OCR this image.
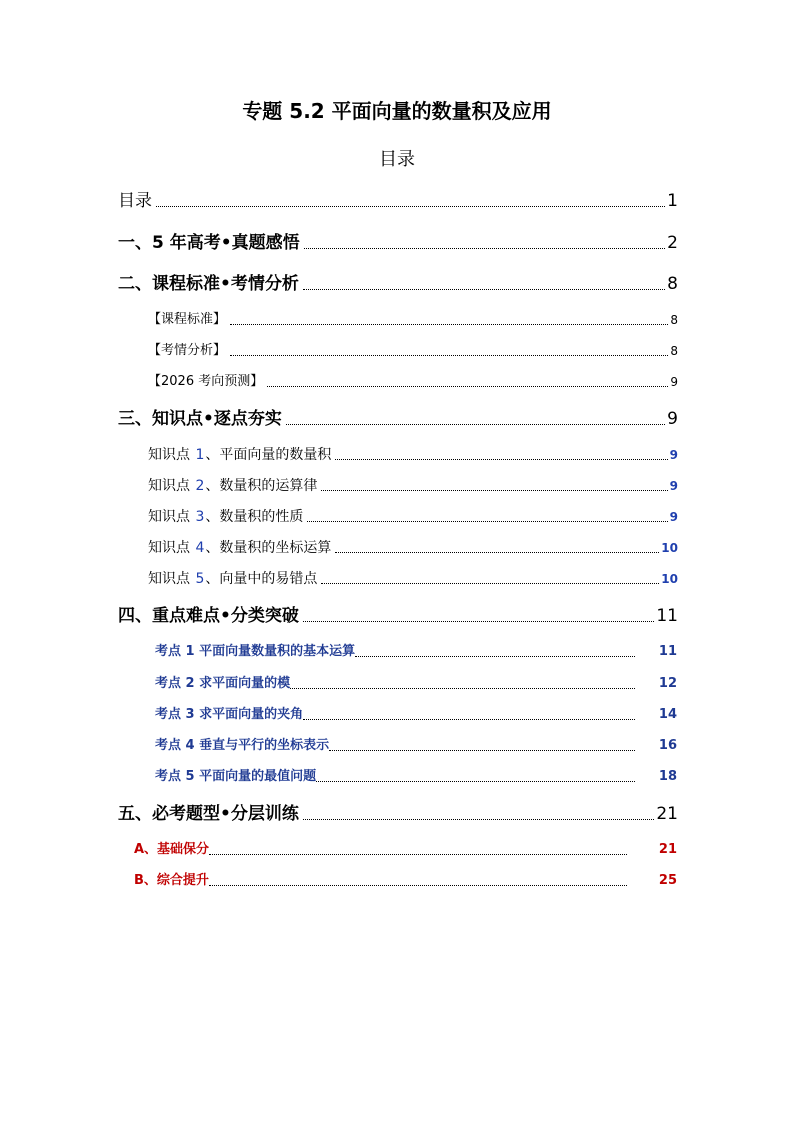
专题 5.2 平面向量的数量积及应用
目录
目录	1
一、5 年高考•真题感悟	2
二、课程标准•考情分析	8
【课程标准】	8
【考情分析】	8
【2026 考向预测】	9
三、知识点•逐点夯实	9
知识点 1、平面向量的数量积	9
知识点 2、数量积的运算律	9
知识点 3、数量积的性质	9
知识点 4、数量积的坐标运算	10
知识点 5、向量中的易错点	10
四、重点难点•分类突破	11
考点 1 平面向量数量积的基本运算	11
考点 2 求平面向量的模	12
考点 3 求平面向量的夹角	14
考点 4 垂直与平行的坐标表示	16
考点 5 平面向量的最值问题	18
五、必考题型•分层训练	21
A、基础保分	21
B、综合提升	25
